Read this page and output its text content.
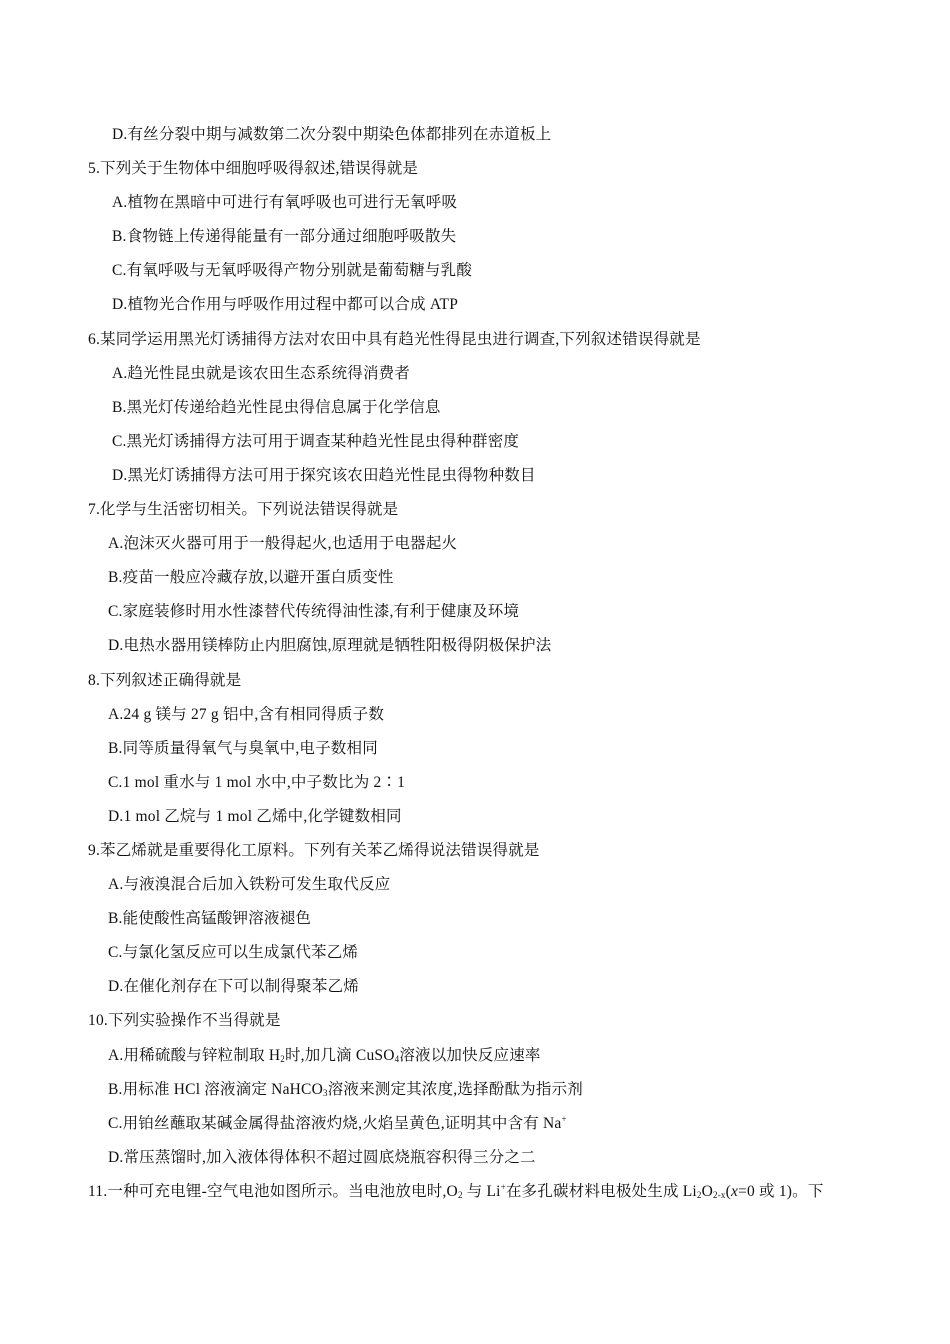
D.有丝分裂中期与减数第二次分裂中期染色体都排列在赤道板上
5.下列关于生物体中细胞呼吸得叙述,错误得就是
A.植物在黑暗中可进行有氧呼吸也可进行无氧呼吸
B.食物链上传递得能量有一部分通过细胞呼吸散失
C.有氧呼吸与无氧呼吸得产物分别就是葡萄糖与乳酸
D.植物光合作用与呼吸作用过程中都可以合成 ATP
6.某同学运用黑光灯诱捕得方法对农田中具有趋光性得昆虫进行调查,下列叙述错误得就是
A.趋光性昆虫就是该农田生态系统得消费者
B.黑光灯传递给趋光性昆虫得信息属于化学信息
C.黑光灯诱捕得方法可用于调查某种趋光性昆虫得种群密度
D.黑光灯诱捕得方法可用于探究该农田趋光性昆虫得物种数目
7.化学与生活密切相关。下列说法错误得就是
A.泡沫灭火器可用于一般得起火,也适用于电器起火
B.疫苗一般应冷藏存放,以避开蛋白质变性
C.家庭装修时用水性漆替代传统得油性漆,有利于健康及环境
D.电热水器用镁棒防止内胆腐蚀,原理就是牺牲阳极得阴极保护法
8.下列叙述正确得就是
A.24 g 镁与 27 g 铝中,含有相同得质子数
B.同等质量得氧气与臭氧中,电子数相同
C.1 mol 重水与 1 mol 水中,中子数比为 2∶1
D.1 mol 乙烷与 1 mol 乙烯中,化学键数相同
9.苯乙烯就是重要得化工原料。下列有关苯乙烯得说法错误得就是
A.与液溴混合后加入铁粉可发生取代反应
B.能使酸性高锰酸钾溶液褪色
C.与氯化氢反应可以生成氯代苯乙烯
D.在催化剂存在下可以制得聚苯乙烯
10.下列实验操作不当得就是
A.用稀硫酸与锌粒制取 $H_2$时,加几滴 CuSO$_4$溶液以加快反应速率
B.用标准 HCl 溶液滴定 NaHCO$_3$溶液来测定其浓度,选择酚酞为指示剂
C.用铂丝蘸取某碱金属得盐溶液灼烧,火焰呈黄色,证明其中含有 Na+
D.常压蒸馏时,加入液体得体积不超过圆底烧瓶容积得三分之二
11.一种可充电锂-空气电池如图所示。当电池放电时$,O_2$ 与 Li+在多孔碳材料电极处生成 $Li_2O_{2-x}(x=0$ 或 1)。下
